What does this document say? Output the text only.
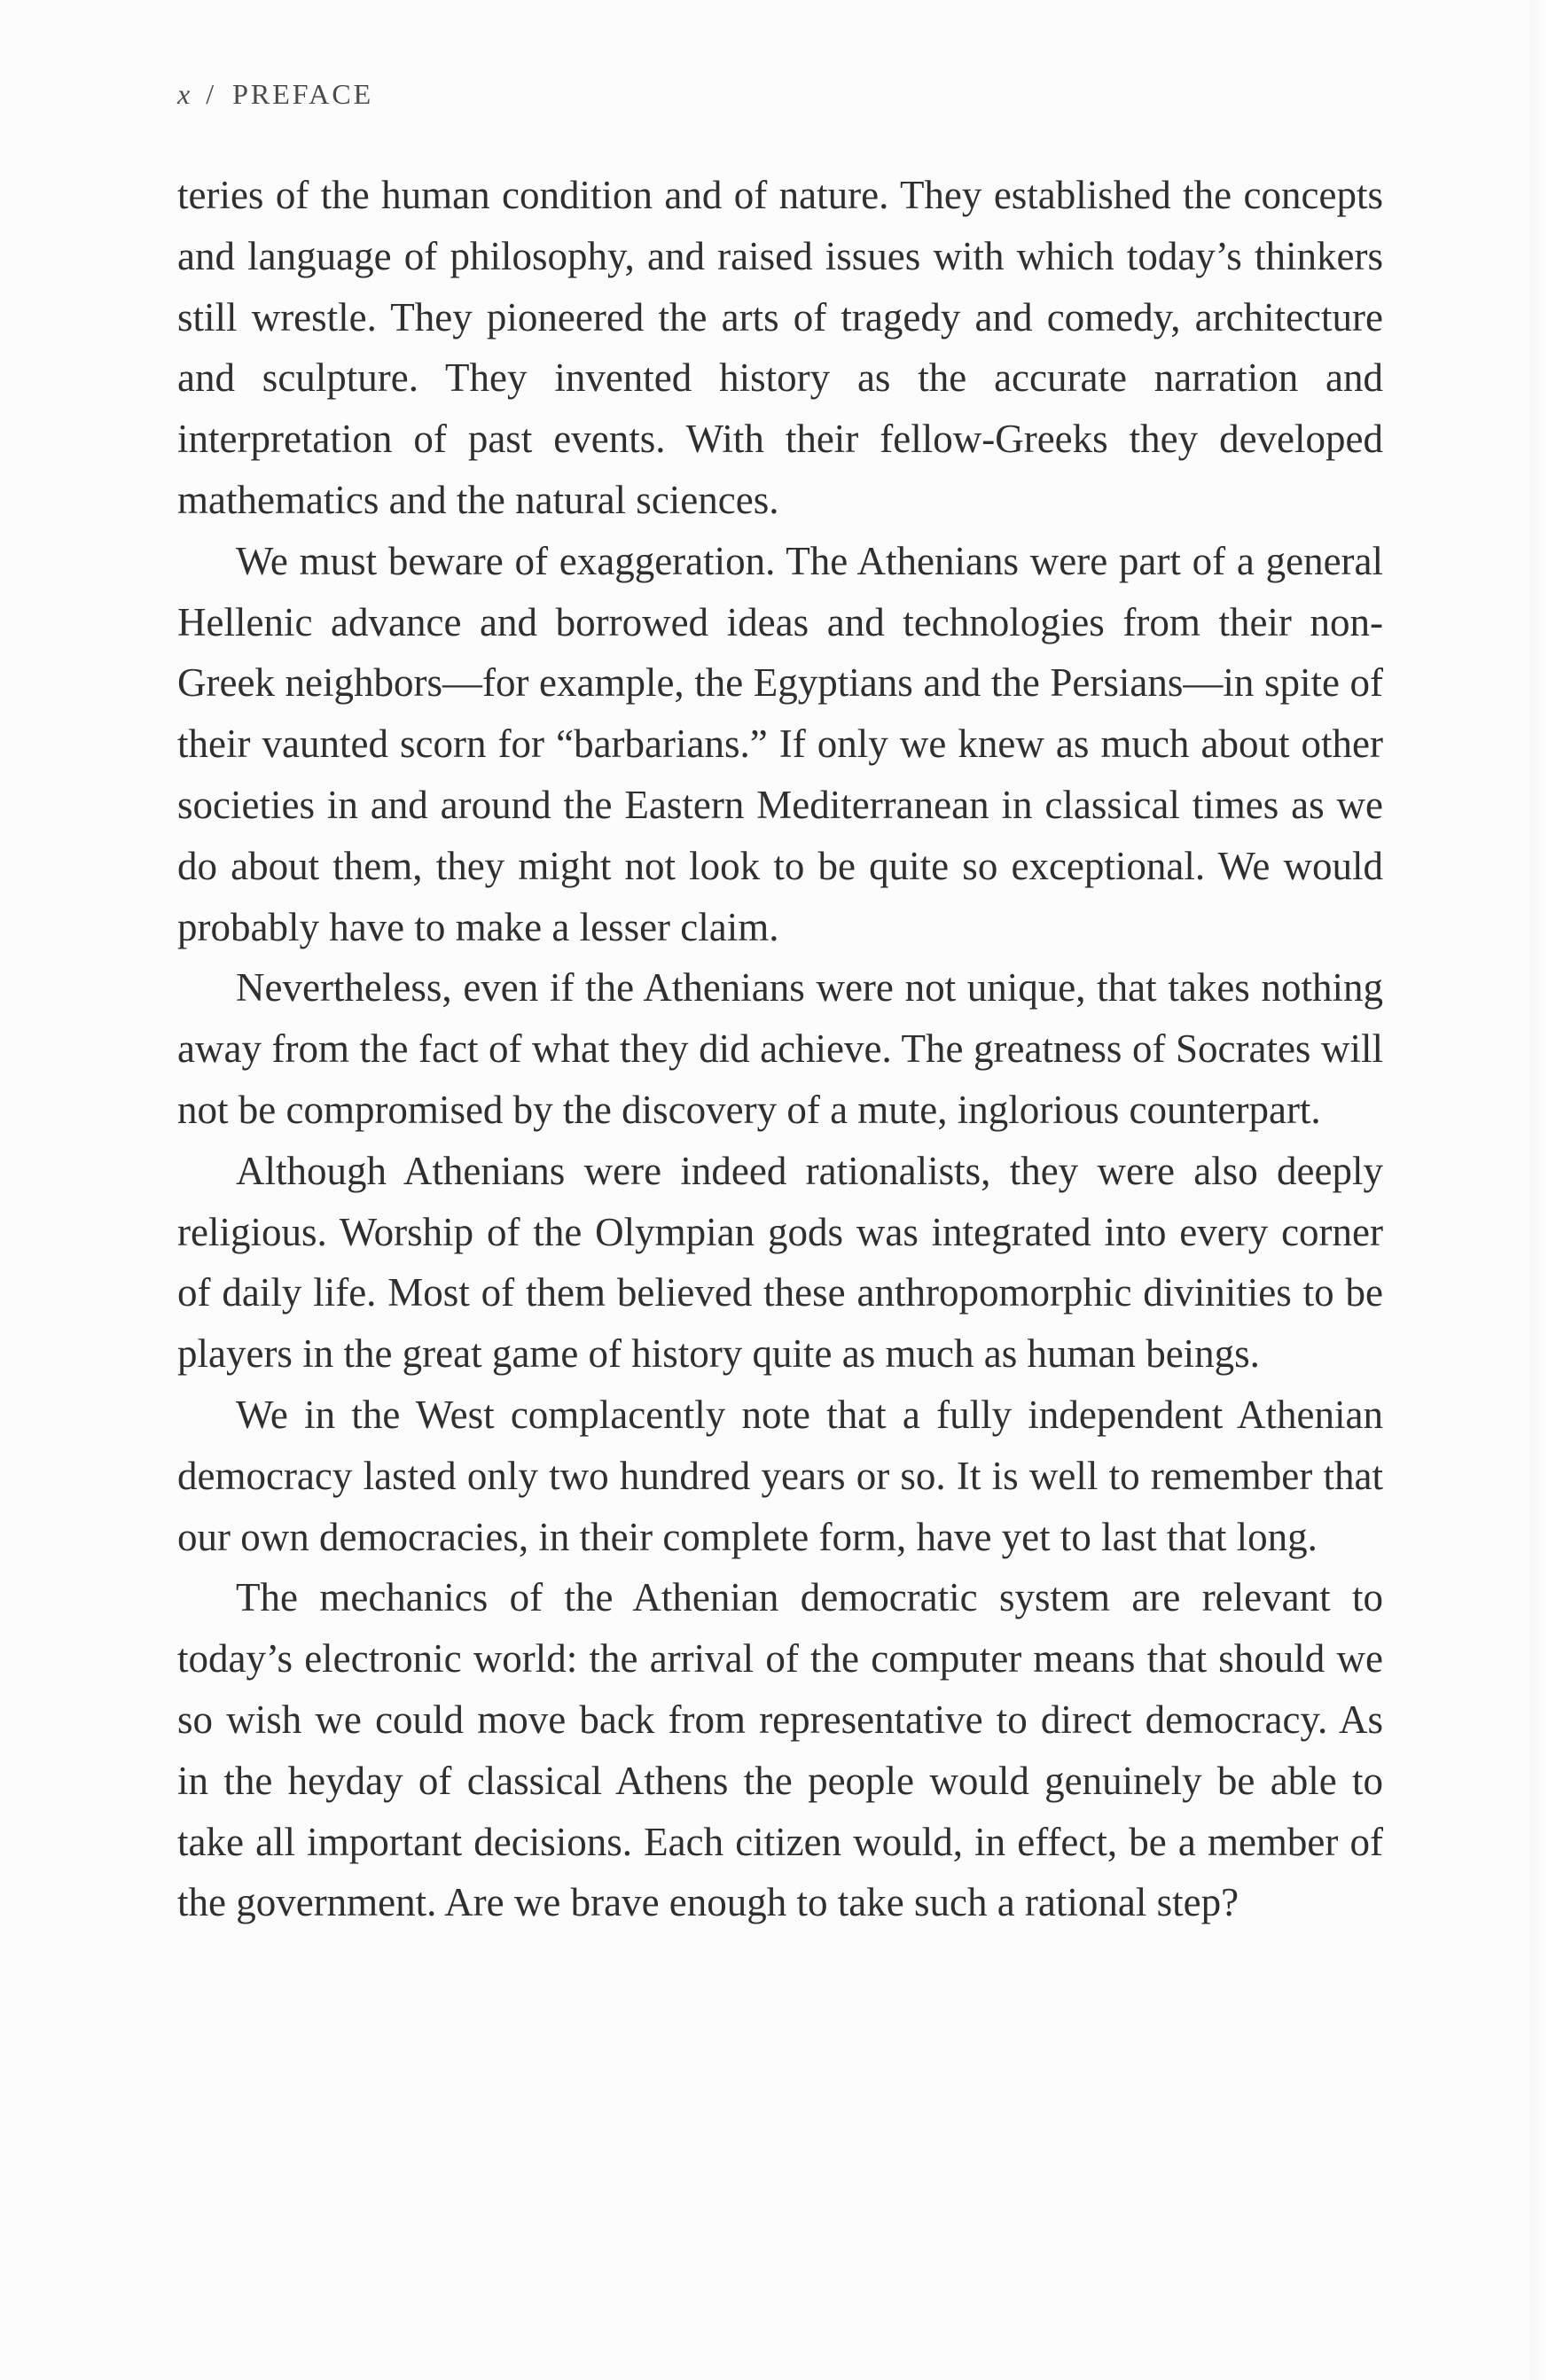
x / PREFACE

teries of the human condition and of nature. They established the concepts and language of philosophy, and raised issues with which today’s thinkers still wrestle. They pioneered the arts of tragedy and comedy, architecture and sculpture. They invented history as the accurate narration and interpretation of past events. With their fellow-Greeks they developed mathematics and the natural sciences.

We must beware of exaggeration. The Athenians were part of a general Hellenic advance and borrowed ideas and technologies from their non-Greek neighbors—for example, the Egyptians and the Persians—in spite of their vaunted scorn for “barbarians.” If only we knew as much about other societies in and around the Eastern Mediterranean in classical times as we do about them, they might not look to be quite so exceptional. We would probably have to make a lesser claim.

Nevertheless, even if the Athenians were not unique, that takes nothing away from the fact of what they did achieve. The greatness of Socrates will not be compromised by the discovery of a mute, inglorious counterpart.

Although Athenians were indeed rationalists, they were also deeply religious. Worship of the Olympian gods was integrated into every corner of daily life. Most of them believed these anthropomorphic divinities to be players in the great game of history quite as much as human beings.

We in the West complacently note that a fully independent Athenian democracy lasted only two hundred years or so. It is well to remember that our own democracies, in their complete form, have yet to last that long.

The mechanics of the Athenian democratic system are relevant to today’s electronic world: the arrival of the computer means that should we so wish we could move back from representative to direct democracy. As in the heyday of classical Athens the people would genuinely be able to take all important decisions. Each citizen would, in effect, be a member of the government. Are we brave enough to take such a rational step?
